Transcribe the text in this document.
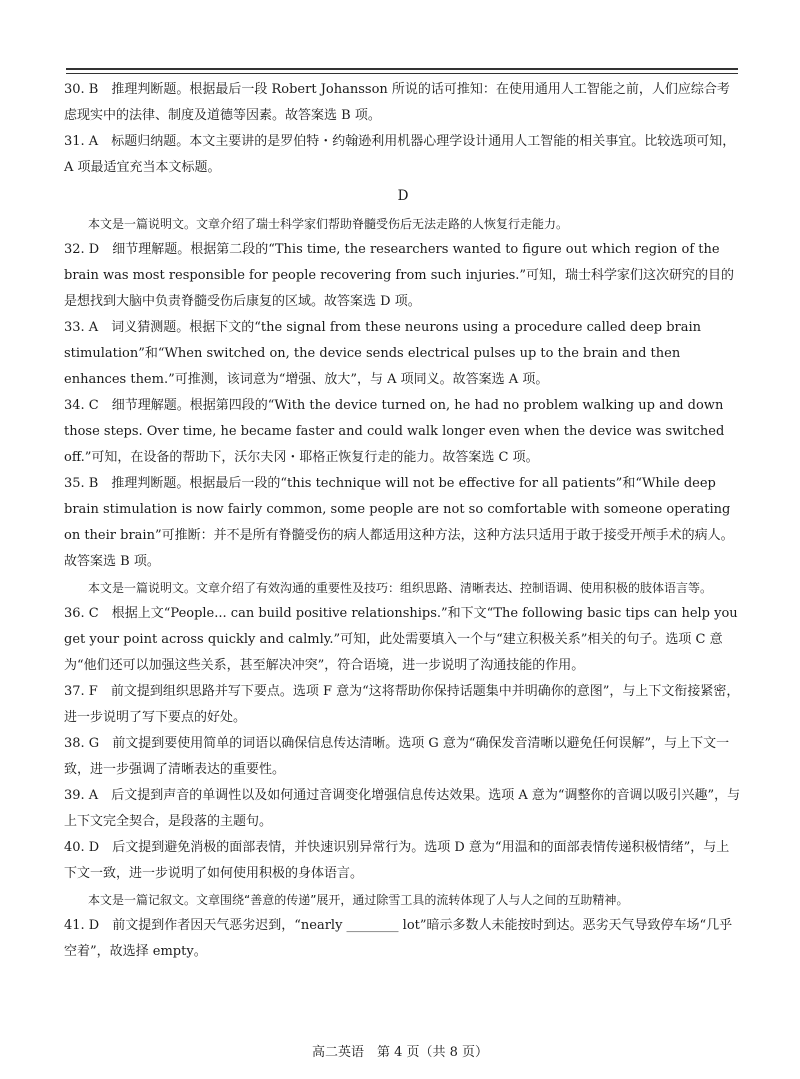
30. B　推理判断题。根据最后一段 Robert Johansson 所说的话可推知：在使用通用人工智能之前，人们应综合考虑现实中的法律、制度及道德等因素。故答案选 B 项。

31. A　标题归纳题。本文主要讲的是罗伯特・约翰逊利用机器心理学设计通用人工智能的相关事宜。比较选项可知，A 项最适宜充当本文标题。

D

本文是一篇说明文。文章介绍了瑞士科学家们帮助脊髓受伤后无法走路的人恢复行走能力。

32. D　细节理解题。根据第二段的“This time, the researchers wanted to figure out which region of the brain was most responsible for people recovering from such injuries.”可知，瑞士科学家们这次研究的目的是想找到大脑中负责脊髓受伤后康复的区域。故答案选 D 项。

33. A　词义猜测题。根据下文的“the signal from these neurons using a procedure called deep brain stimulation”和“When switched on, the device sends electrical pulses up to the brain and then enhances them.”可推测，该词意为“增强、放大”，与 A 项同义。故答案选 A 项。

34. C　细节理解题。根据第四段的“With the device turned on, he had no problem walking up and down those steps. Over time, he became faster and could walk longer even when the device was switched off.”可知，在设备的帮助下，沃尔夫冈・耶格正恢复行走的能力。故答案选 C 项。

35. B　推理判断题。根据最后一段的“this technique will not be effective for all patients”和“While deep brain stimulation is now fairly common, some people are not so comfortable with someone operating on their brain”可推断：并不是所有脊髓受伤的病人都适用这种方法，这种方法只适用于敢于接受开颅手术的病人。故答案选 B 项。

本文是一篇说明文。文章介绍了有效沟通的重要性及技巧：组织思路、清晰表达、控制语调、使用积极的肢体语言等。

36. C　根据上文“People... can build positive relationships.”和下文“The following basic tips can help you get your point across quickly and calmly.”可知，此处需要填入一个与“建立积极关系”相关的句子。选项 C 意为“他们还可以加强这些关系，甚至解决冲突”，符合语境，进一步说明了沟通技能的作用。

37. F　前文提到组织思路并写下要点。选项 F 意为“这将帮助你保持话题集中并明确你的意图”，与上下文衔接紧密，进一步说明了写下要点的好处。

38. G　前文提到要使用简单的词语以确保信息传达清晰。选项 G 意为“确保发音清晰以避免任何误解”，与上下文一致，进一步强调了清晰表达的重要性。

39. A　后文提到声音的单调性以及如何通过音调变化增强信息传达效果。选项 A 意为“调整你的音调以吸引兴趣”，与上下文完全契合，是段落的主题句。

40. D　后文提到避免消极的面部表情，并快速识别异常行为。选项 D 意为“用温和的面部表情传递积极情绪”，与上下文一致，进一步说明了如何使用积极的身体语言。

本文是一篇记叙文。文章围绕“善意的传递”展开，通过除雪工具的流转体现了人与人之间的互助精神。

41. D　前文提到作者因天气恶劣迟到，“nearly ________ lot”暗示多数人未能按时到达。恶劣天气导致停车场“几乎空着”，故选择 empty。

高二英语　第 4 页（共 8 页）
